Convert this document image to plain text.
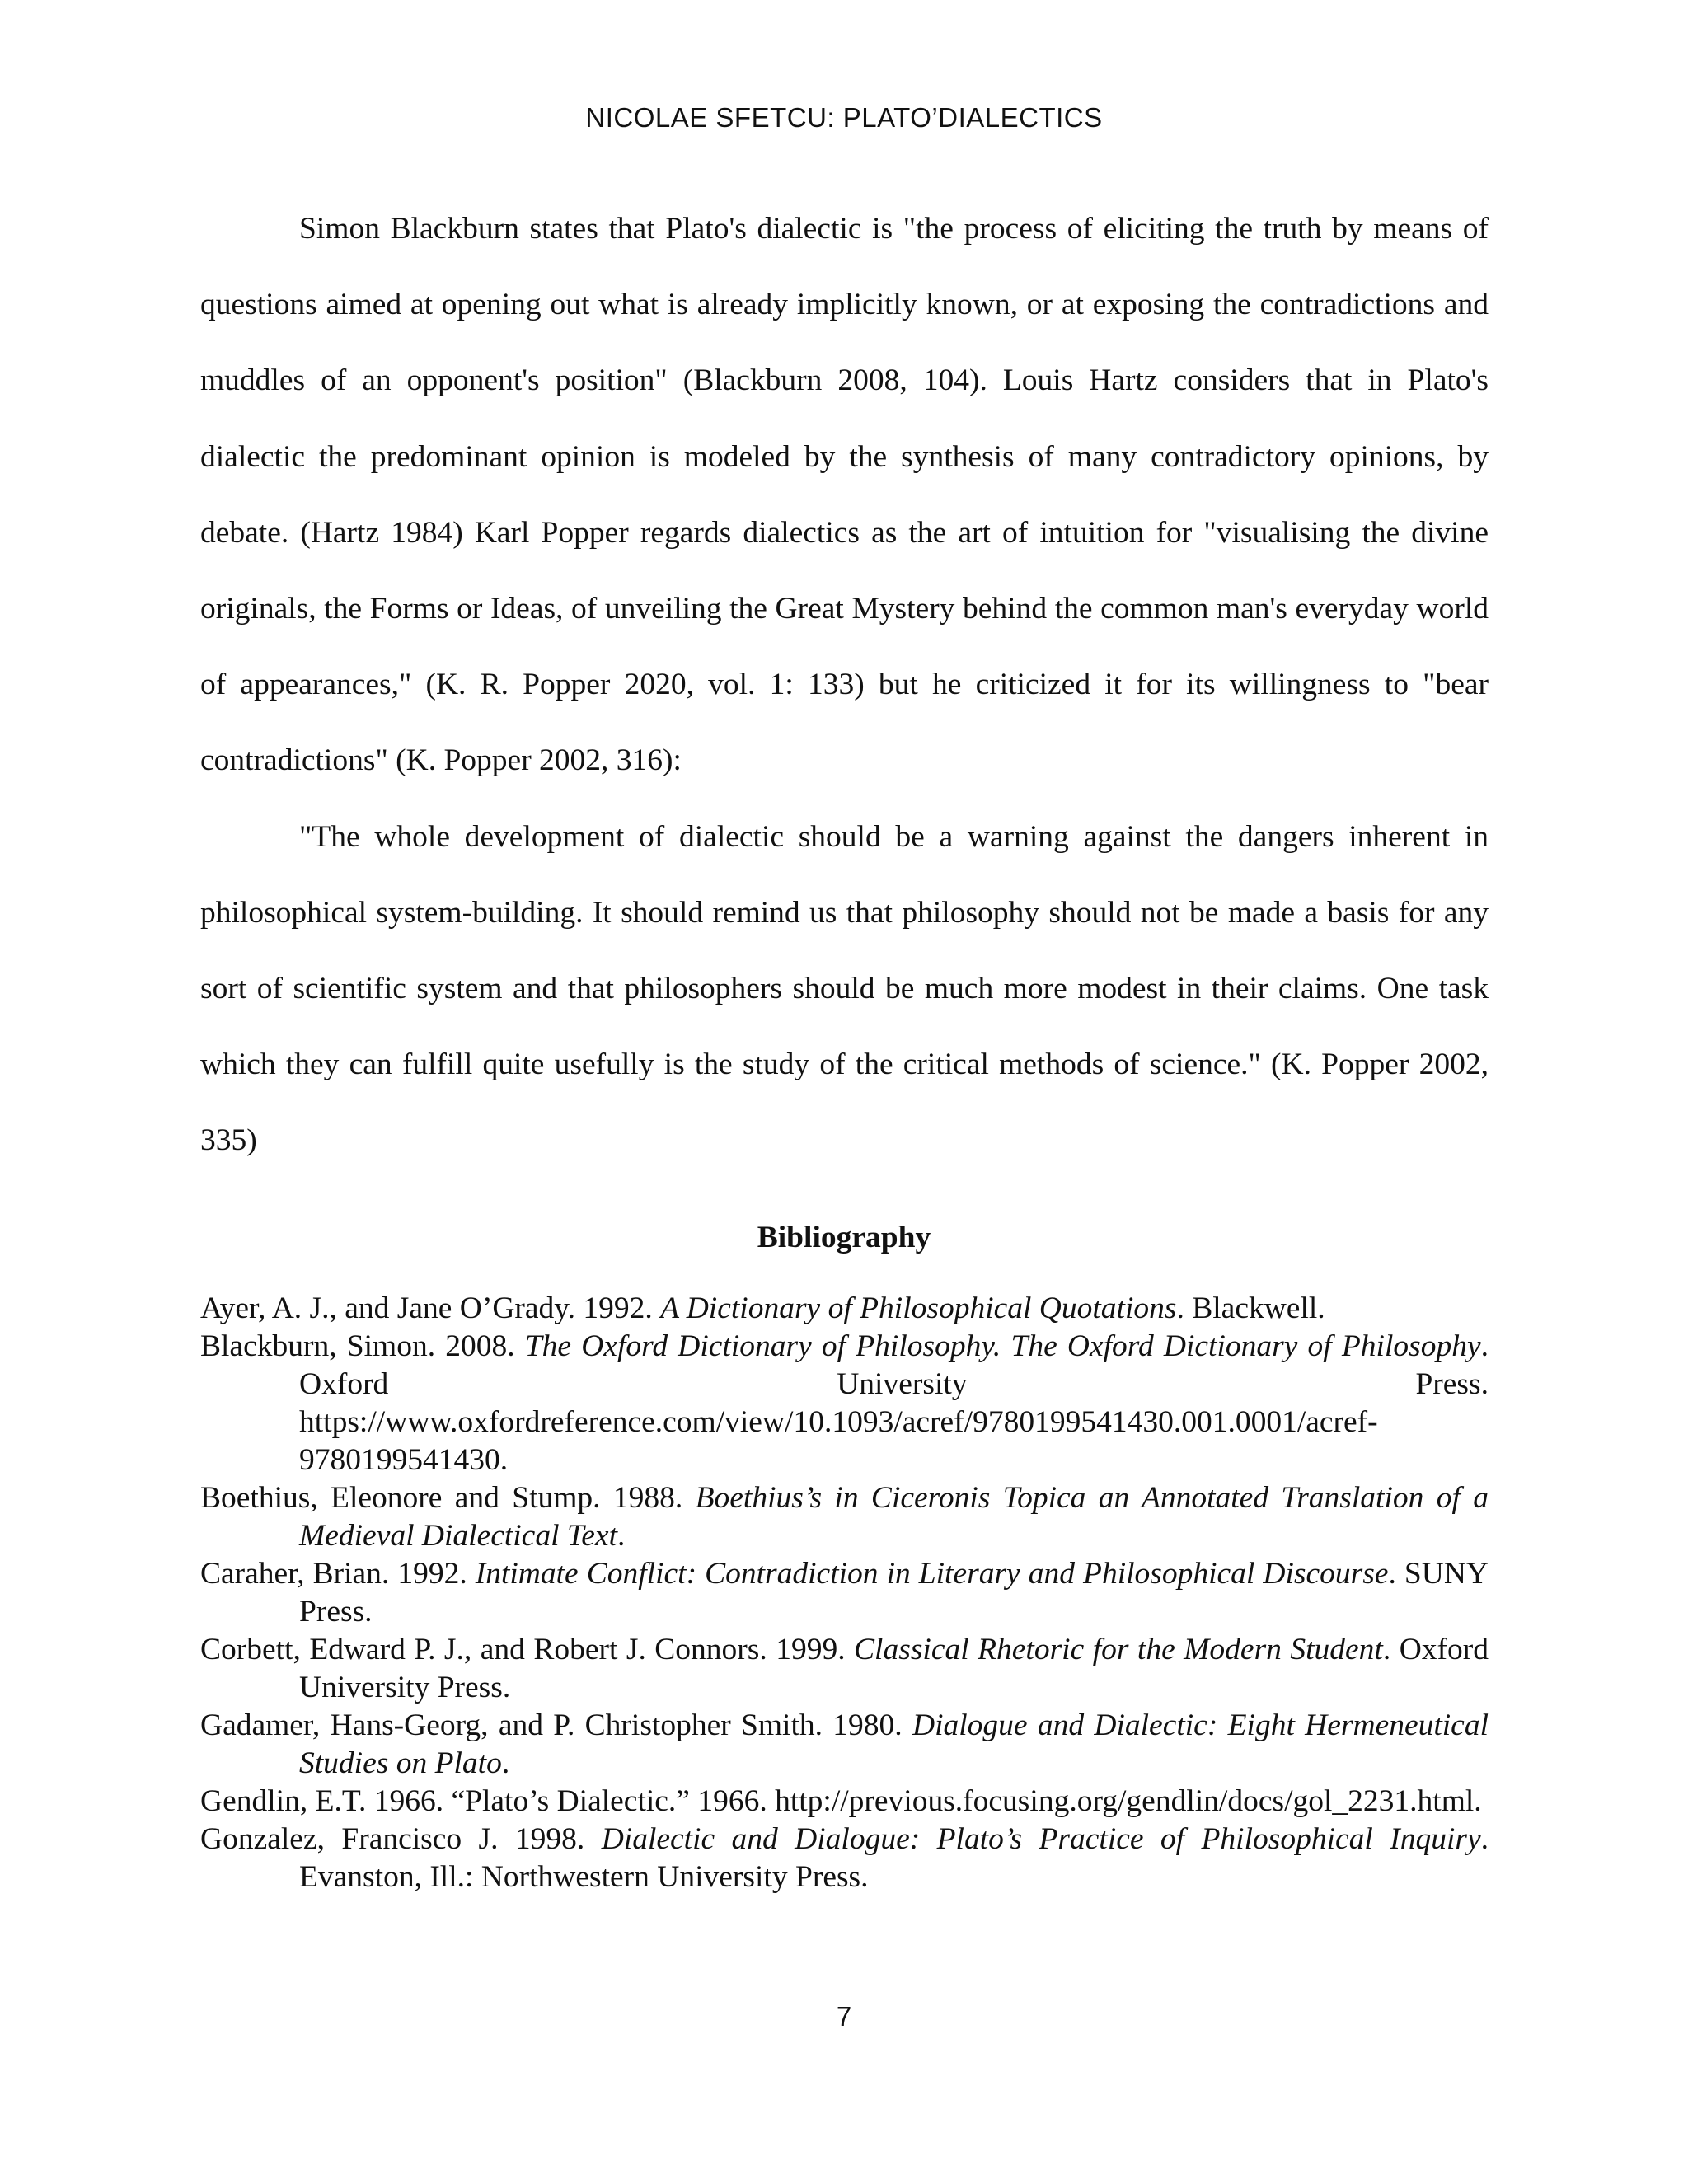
NICOLAE SFETCU: PLATO’DIALECTICS

Simon Blackburn states that Plato's dialectic is "the process of eliciting the truth by means of questions aimed at opening out what is already implicitly known, or at exposing the contradictions and muddles of an opponent's position" (Blackburn 2008, 104). Louis Hartz considers that in Plato's dialectic the predominant opinion is modeled by the synthesis of many contradictory opinions, by debate. (Hartz 1984) Karl Popper regards dialectics as the art of intuition for "visualising the divine originals, the Forms or Ideas, of unveiling the Great Mystery behind the common man's everyday world of appearances," (K. R. Popper 2020, vol. 1: 133) but he criticized it for its willingness to "bear contradictions" (K. Popper 2002, 316):

"The whole development of dialectic should be a warning against the dangers inherent in philosophical system-building. It should remind us that philosophy should not be made a basis for any sort of scientific system and that philosophers should be much more modest in their claims. One task which they can fulfill quite usefully is the study of the critical methods of science." (K. Popper 2002, 335)

Bibliography

Ayer, A. J., and Jane O’Grady. 1992. A Dictionary of Philosophical Quotations. Blackwell.

Blackburn, Simon. 2008. The Oxford Dictionary of Philosophy. The Oxford Dictionary of Philosophy. Oxford University Press. https://www.oxfordreference.com/view/10.1093/acref/9780199541430.001.0001/acref-9780199541430.

Boethius, Eleonore and Stump. 1988. Boethius’s in Ciceronis Topica an Annotated Translation of a Medieval Dialectical Text.

Caraher, Brian. 1992. Intimate Conflict: Contradiction in Literary and Philosophical Discourse. SUNY Press.

Corbett, Edward P. J., and Robert J. Connors. 1999. Classical Rhetoric for the Modern Student. Oxford University Press.

Gadamer, Hans-Georg, and P. Christopher Smith. 1980. Dialogue and Dialectic: Eight Hermeneutical Studies on Plato.

Gendlin, E.T. 1966. “Plato’s Dialectic.” 1966. http://previous.focusing.org/gendlin/docs/gol_2231.html.

Gonzalez, Francisco J. 1998. Dialectic and Dialogue: Plato’s Practice of Philosophical Inquiry. Evanston, Ill.: Northwestern University Press.

7
